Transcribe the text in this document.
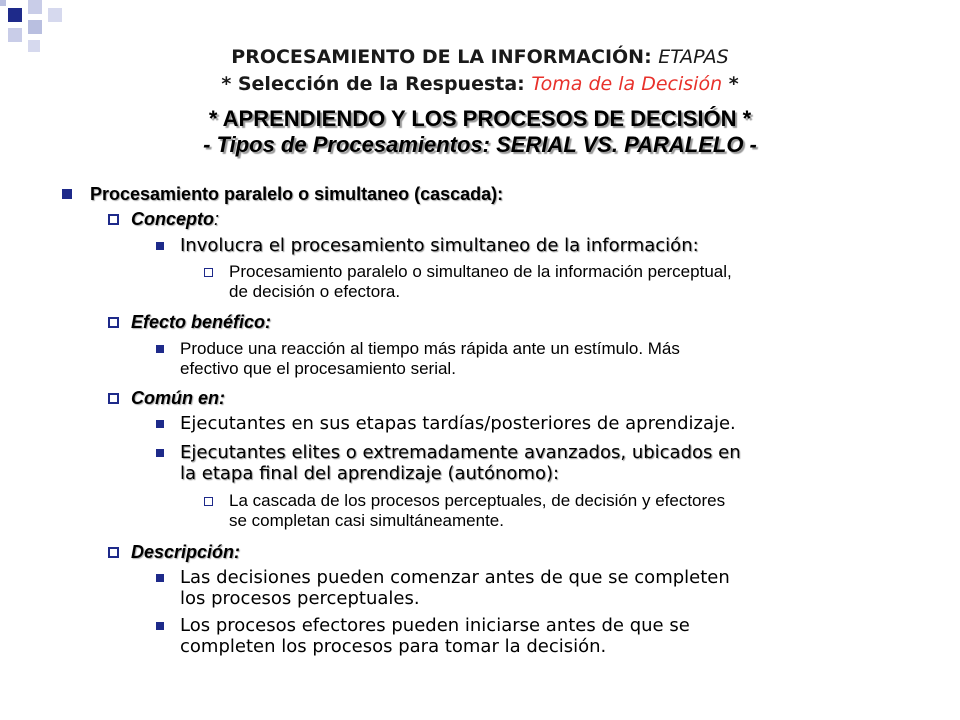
PROCESAMIENTO DE LA INFORMACIÓN: ETAPAS
* Selección de la Respuesta: Toma de la Decisión *
* APRENDIENDO Y LOS PROCESOS DE DECISIÓN *
- Tipos de Procesamientos: SERIAL VS. PARALELO -
Procesamiento paralelo o simultaneo (cascada):
Concepto:
Involucra el procesamiento simultaneo de la información:
Procesamiento paralelo o simultaneo de la información perceptual,
de decisión o efectora.
Efecto benéfico:
Produce una reacción al tiempo más rápida ante un estímulo. Más
efectivo que el procesamiento serial.
Común en:
Ejecutantes en sus etapas tardías/posteriores de aprendizaje.
Ejecutantes elites o extremadamente avanzados, ubicados en
la etapa final del aprendizaje (autónomo):
La cascada de los procesos perceptuales, de decisión y efectores
se completan casi simultáneamente.
Descripción:
Las decisiones pueden comenzar antes de que se completen
los procesos perceptuales.
Los procesos efectores pueden iniciarse antes de que se
completen los procesos para tomar la decisión.
